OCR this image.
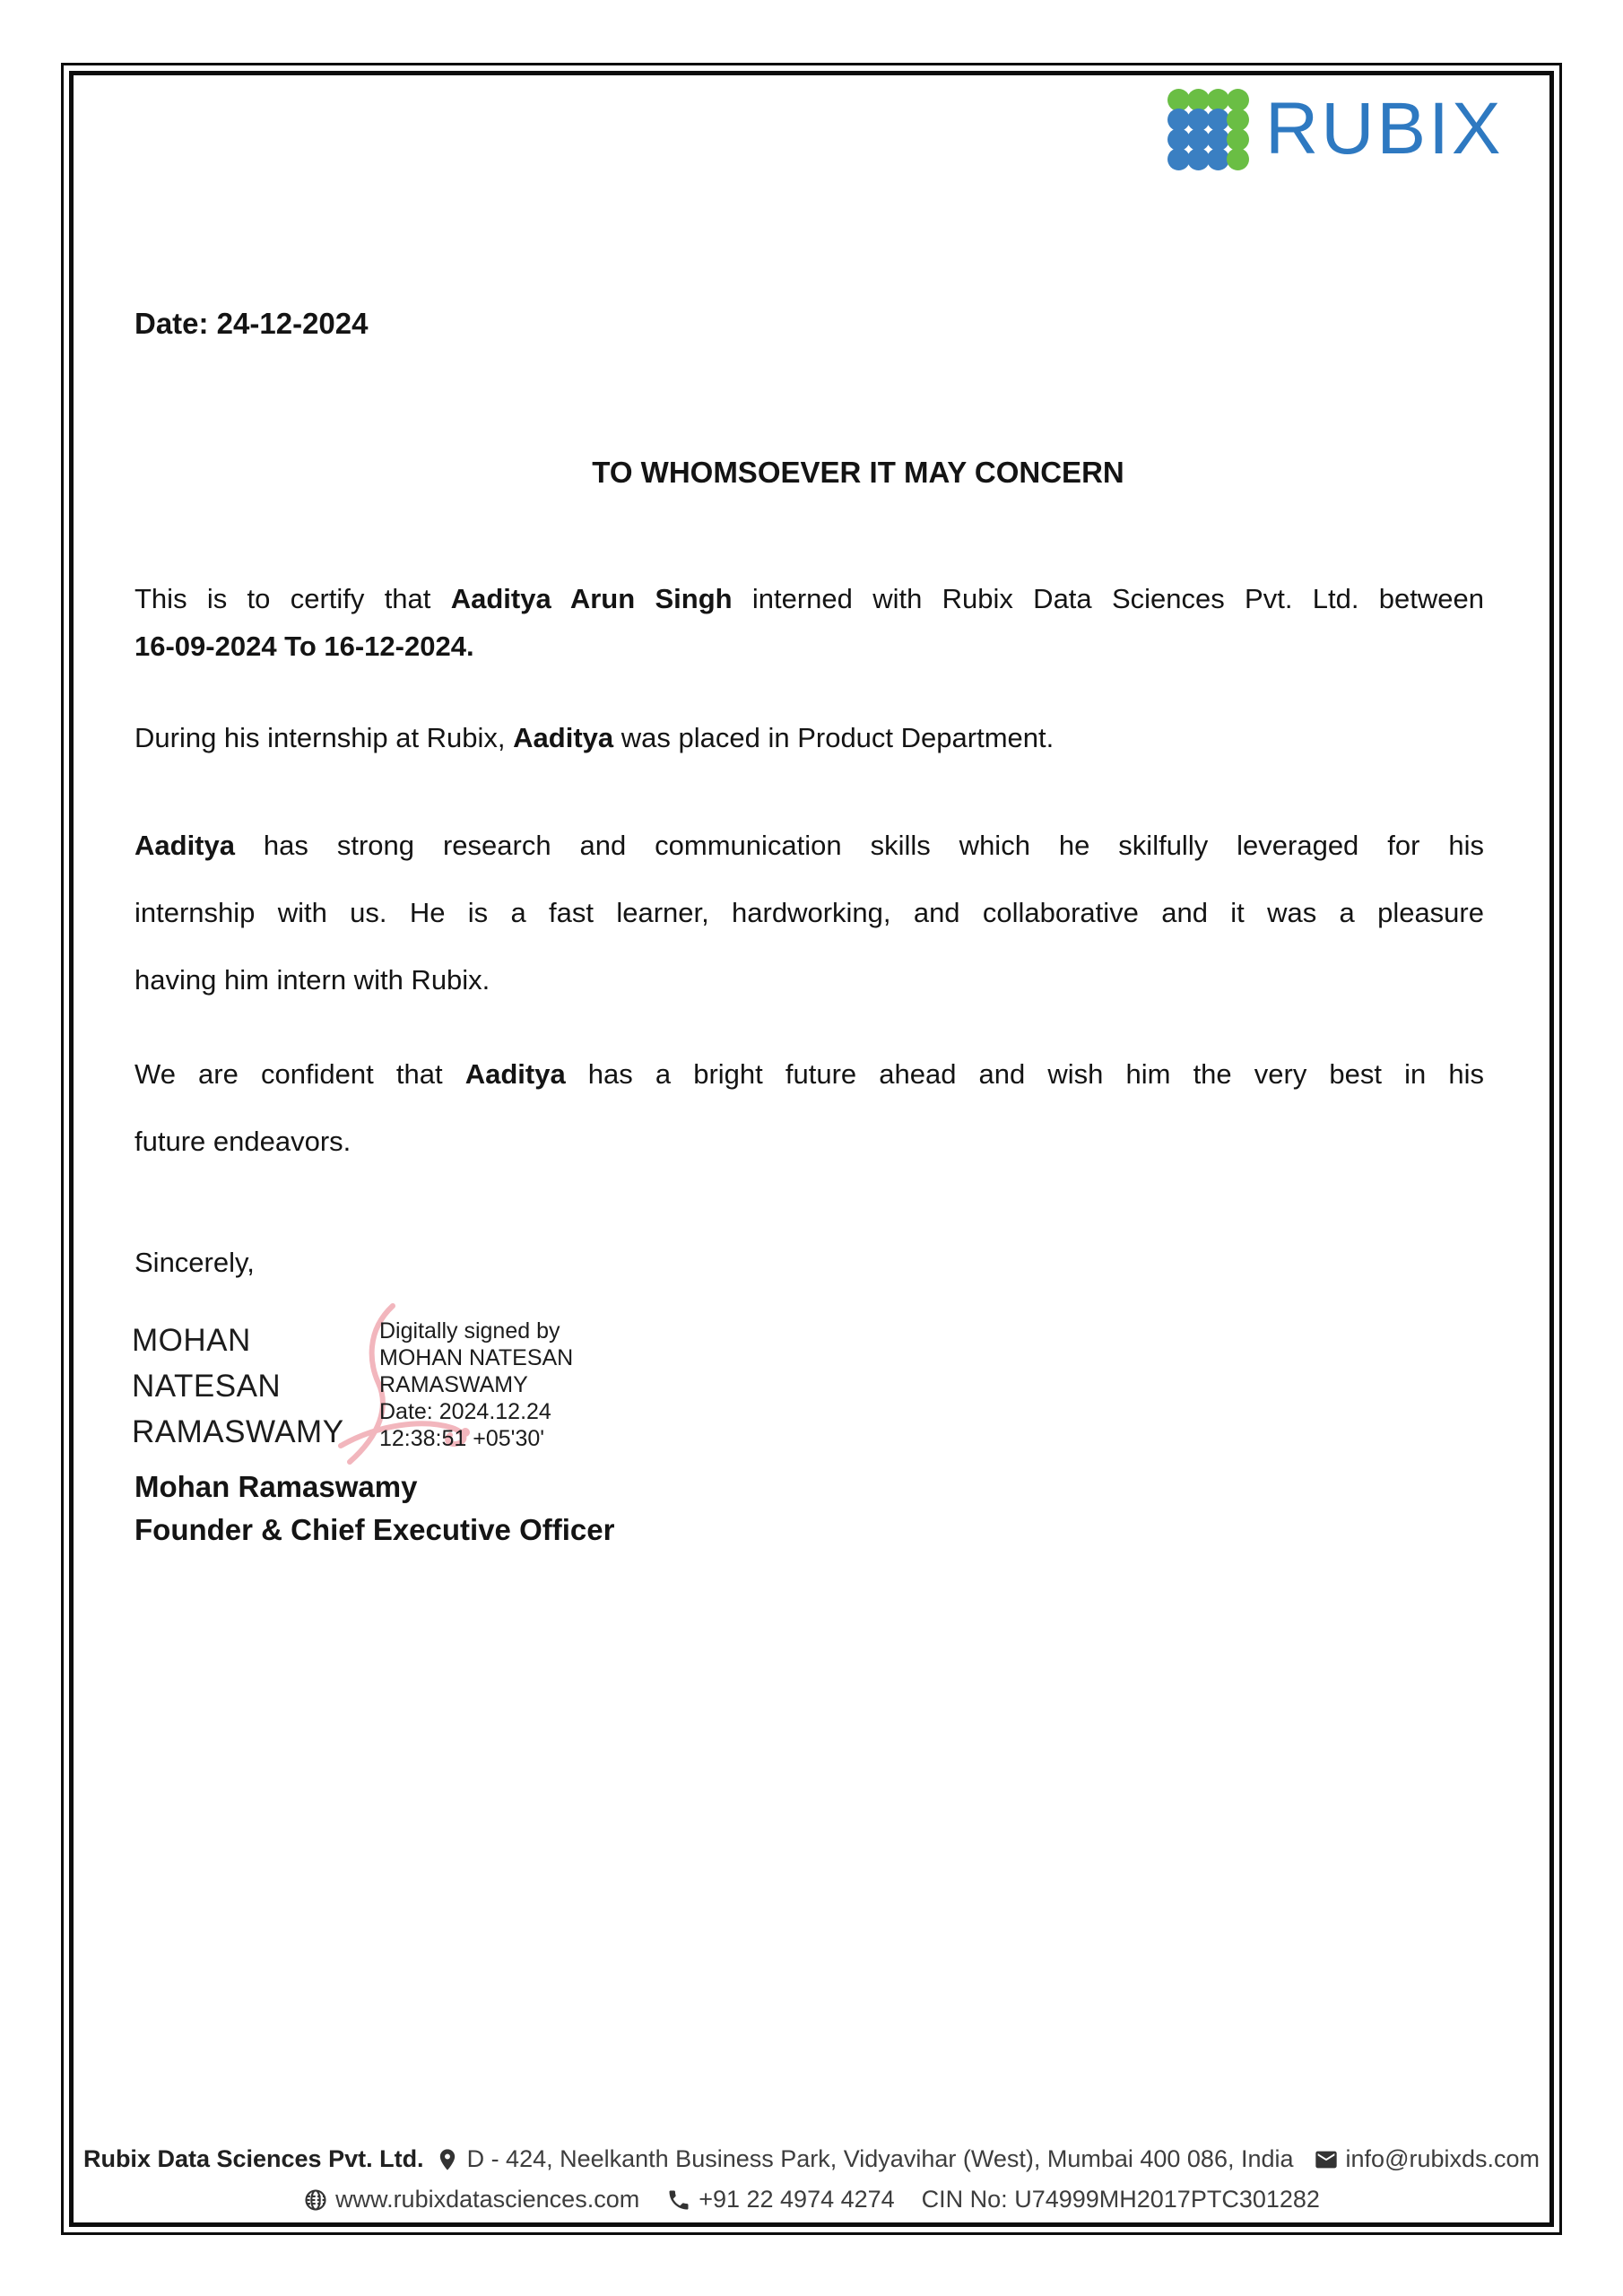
RUBIX
Date: 24-12-2024
TO WHOMSOEVER IT MAY CONCERN
This is to certify that Aaditya Arun Singh interned with Rubix Data Sciences Pvt. Ltd. between
16-09-2024 To 16-12-2024.
During his internship at Rubix, Aaditya was placed in Product Department.
Aaditya has strong research and communication skills which he skilfully leveraged for his
internship with us. He is a fast learner, hardworking, and collaborative and it was a pleasure
having him intern with Rubix.
We are confident that Aaditya has a bright future ahead and wish him the very best in his
future endeavors.
Sincerely,
MOHAN
NATESAN
RAMASWAMY
Digitally signed by
MOHAN NATESAN
RAMASWAMY
Date: 2024.12.24
12:38:51 +05'30'
Mohan Ramaswamy
Founder & Chief Executive Officer
Rubix Data Sciences Pvt. Ltd. D - 424, Neelkanth Business Park, Vidyavihar (West), Mumbai 400 086, India info@rubixds.com
www.rubixdatasciences.com +91 22 4974 4274 CIN No: U74999MH2017PTC301282
